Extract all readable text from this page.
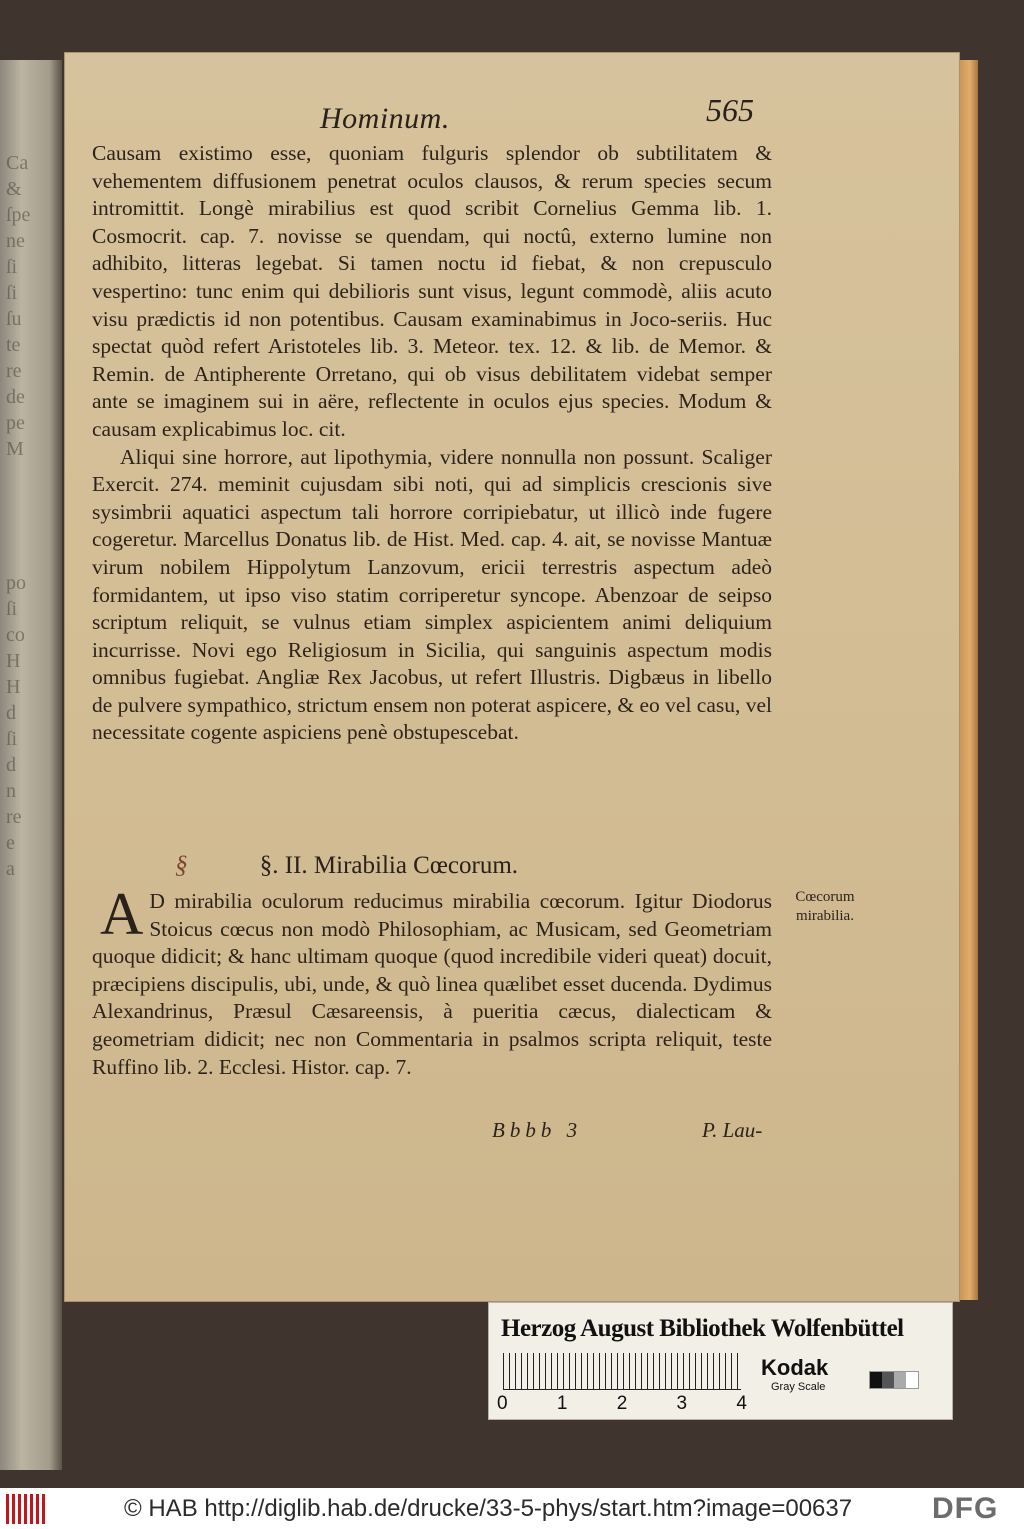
Ca
&
ſpe
ne
ſi
ſi
ſu
te
re
de
pe
M
po
ſi
co
H
H
d
ſi
d
n
re
e
a
Hominum.	565

Causam existimo esse, quoniam fulguris splendor ob subtilitatem & vehementem diffusionem penetrat oculos clausos, & rerum species secum intromittit. Longè mirabilius est quod scribit Cornelius Gemma lib. 1. Cosmocrit. cap. 7. novisse se quendam, qui noctû, externo lumine non adhibito, litteras legebat. Si tamen noctu id fiebat, & non crepusculo vespertino: tunc enim qui debilioris sunt visus, legunt commodè, aliis acuto visu prædictis id non potentibus. Causam examinabimus in Joco-seriis. Huc spectat quòd refert Aristoteles lib. 3. Meteor. tex. 12. & lib. de Memor. & Remin. de Antipherente Orretano, qui ob visus debilitatem videbat semper ante se imaginem sui in aëre, reflectente in oculos ejus species. Modum & causam explicabimus loc. cit.

Aliqui sine horrore, aut lipothymia, videre nonnulla non possunt. Scaliger Exercit. 274. meminit cujusdam sibi noti, qui ad simplicis crescionis sive sysimbrii aquatici aspectum tali horrore corripiebatur, ut illicò inde fugere cogeretur. Marcellus Donatus lib. de Hist. Med. cap. 4. ait, se novisse Mantuæ virum nobilem Hippolytum Lanzovum, ericii terrestris aspectum adeò formidantem, ut ipso viso statim corriperetur syncope. Abenzoar de seipso scriptum reliquit, se vulnus etiam simplex aspicientem animi deliquium incurrisse. Novi ego Religiosum in Sicilia, qui sanguinis aspectum modis omnibus fugiebat. Angliæ Rex Jacobus, ut refert Illustris. Digbæus in libello de pulvere sympathico, strictum ensem non poterat aspicere, & eo vel casu, vel necessitate cogente aspiciens penè obstupescebat.

§	§. II. Mirabilia Cœcorum.

A D mirabilia oculorum reducimus mirabilia cœcorum. Igitur Diodorus Stoicus cœcus non modò Philosophiam, ac Musicam, sed Geometriam quoque didicit; & hanc ultimam quoque (quod incredibile videri queat) docuit, præcipiens discipulis, ubi, unde, & quò linea quælibet esset ducenda. Dydimus Alexandrinus, Præsul Cæsareensis, à pueritia cæcus, dialecticam & geometriam didicit; nec non Commentaria in psalmos scripta reliquit, teste Ruffino lib. 2. Ecclesi. Histor. cap. 7.

Cœcorum mirabilia.
Bbbb 3	P. Lau-
Herzog August Bibliothek Wolfenbüttel
0	1	2	3	4
Kodak
Gray Scale
© HAB http://diglib.hab.de/drucke/33-5-phys/start.htm?image=00637	DFG
